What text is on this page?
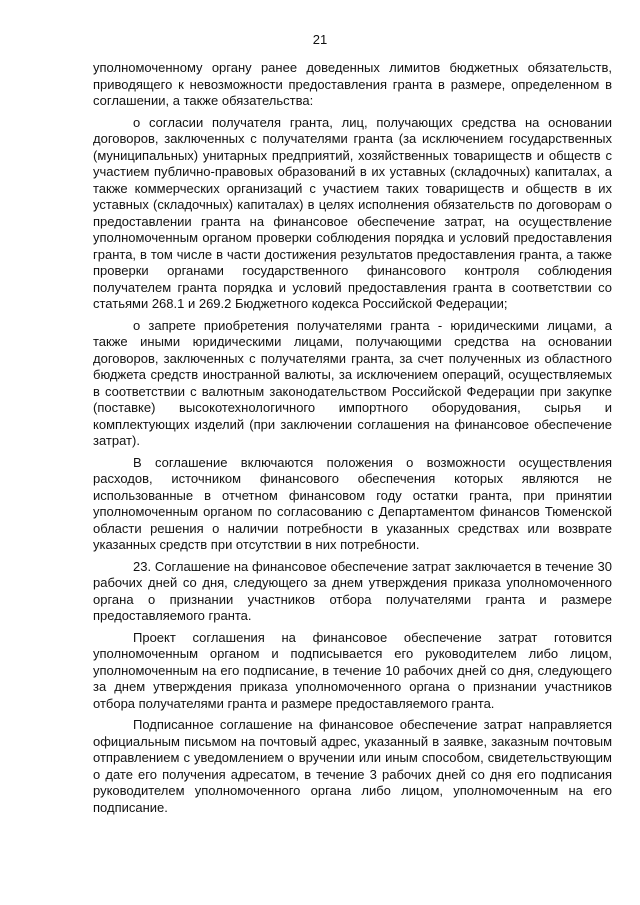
21

уполномоченному органу ранее доведенных лимитов бюджетных обязательств, приводящего к невозможности предоставления гранта в размере, определенном в соглашении, а также обязательства:

о согласии получателя гранта, лиц, получающих средства на основании договоров, заключенных с получателями гранта (за исключением государственных (муниципальных) унитарных предприятий, хозяйственных товариществ и обществ с участием публично-правовых образований в их уставных (складочных) капиталах, а также коммерческих организаций с участием таких товариществ и обществ в их уставных (складочных) капиталах) в целях исполнения обязательств по договорам о предоставлении гранта на финансовое обеспечение затрат, на осуществление уполномоченным органом проверки соблюдения порядка и условий предоставления гранта, в том числе в части достижения результатов предоставления гранта, а также проверки органами государственного финансового контроля соблюдения получателем гранта порядка и условий предоставления гранта в соответствии со статьями 268.1 и 269.2 Бюджетного кодекса Российской Федерации;

о запрете приобретения получателями гранта - юридическими лицами, а также иными юридическими лицами, получающими средства на основании договоров, заключенных с получателями гранта, за счет полученных из областного бюджета средств иностранной валюты, за исключением операций, осуществляемых в соответствии с валютным законодательством Российской Федерации при закупке (поставке) высокотехнологичного импортного оборудования, сырья и комплектующих изделий (при заключении соглашения на финансовое обеспечение затрат).

В соглашение включаются положения о возможности осуществления расходов, источником финансового обеспечения которых являются не использованные в отчетном финансовом году остатки гранта, при принятии уполномоченным органом по согласованию с Департаментом финансов Тюменской области решения о наличии потребности в указанных средствах или возврате указанных средств при отсутствии в них потребности.

23. Соглашение на финансовое обеспечение затрат заключается в течение 30 рабочих дней со дня, следующего за днем утверждения приказа уполномоченного органа о признании участников отбора получателями гранта и размере предоставляемого гранта.

Проект соглашения на финансовое обеспечение затрат готовится уполномоченным органом и подписывается его руководителем либо лицом, уполномоченным на его подписание, в течение 10 рабочих дней со дня, следующего за днем утверждения приказа уполномоченного органа о признании участников отбора получателями гранта и размере предоставляемого гранта.

Подписанное соглашение на финансовое обеспечение затрат направляется официальным письмом на почтовый адрес, указанный в заявке, заказным почтовым отправлением с уведомлением о вручении или иным способом, свидетельствующим о дате его получения адресатом, в течение 3 рабочих дней со дня его подписания руководителем уполномоченного органа либо лицом, уполномоченным на его подписание.
